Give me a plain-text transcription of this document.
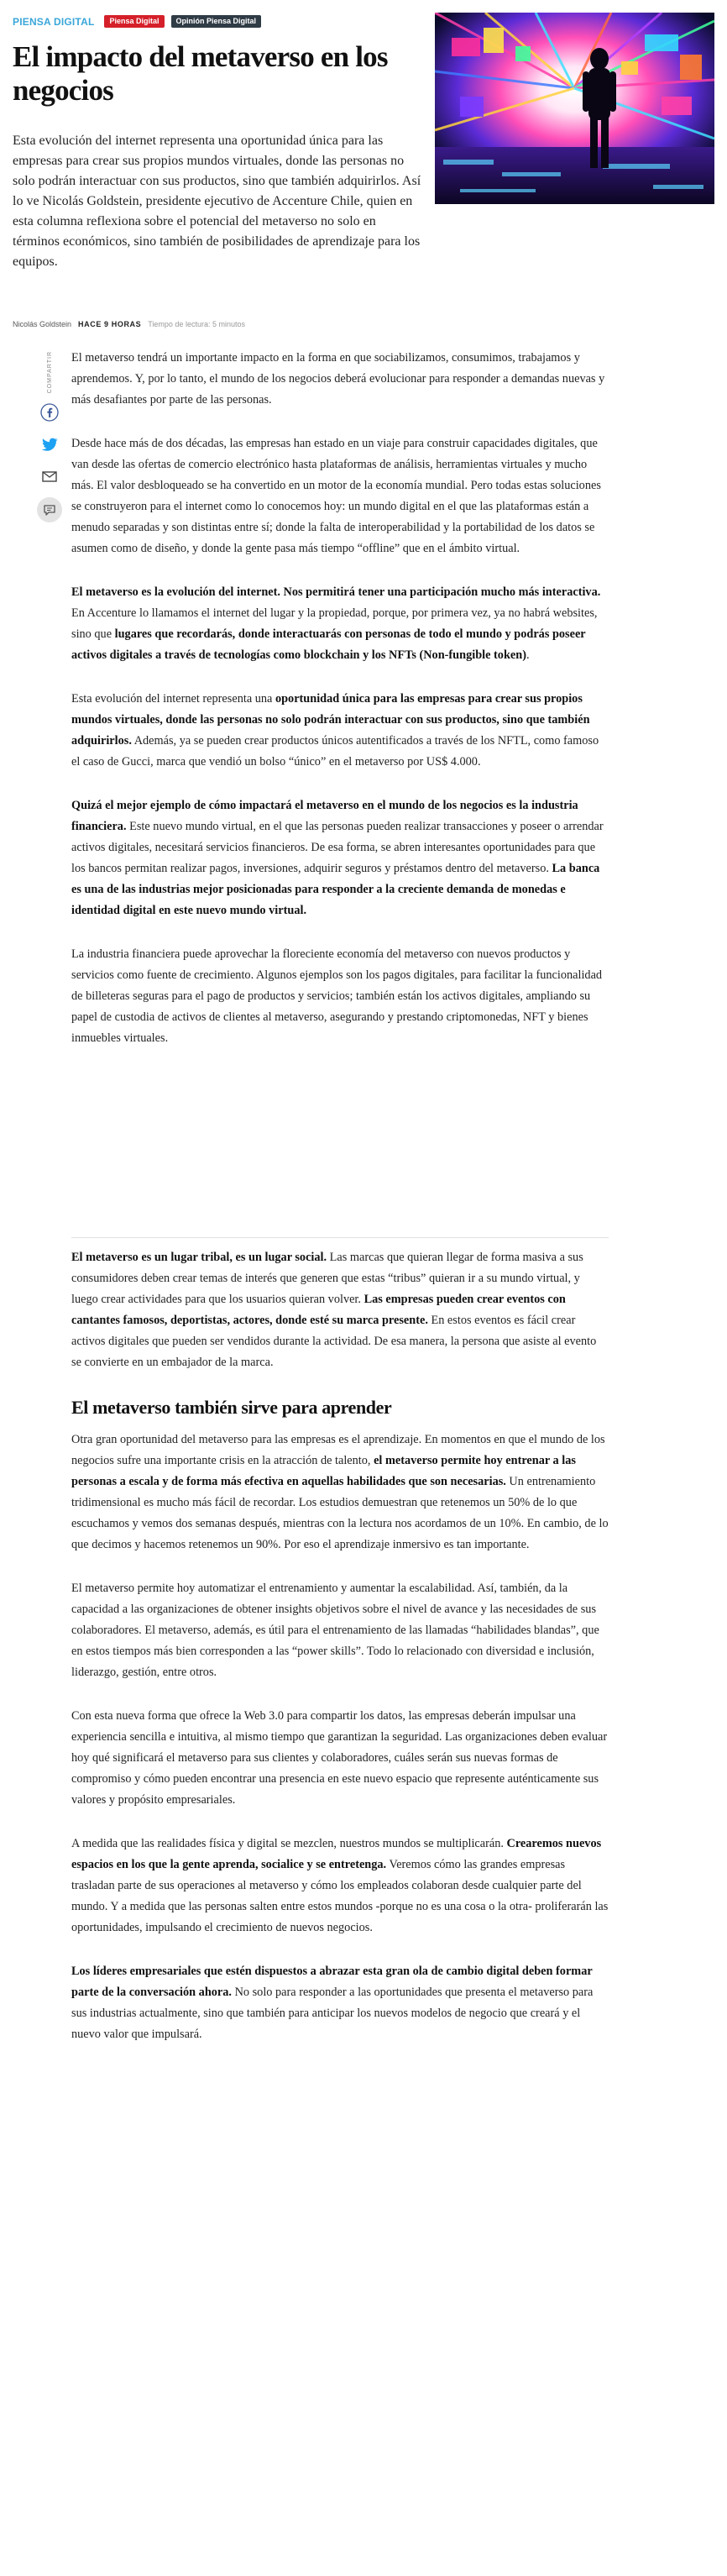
PIENSA DIGITAL	Piensa Digital	Opinión Piensa Digital
El impacto del metaverso en los negocios

Esta evolución del internet representa una oportunidad única para las empresas para crear sus propios mundos virtuales, donde las personas no solo podrán interactuar con sus productos, sino que también adquirirlos. Así lo ve Nicolás Goldstein, presidente ejecutivo de Accenture Chile, quien en esta columna reflexiona sobre el potencial del metaverso no solo en términos económicos, sino también de posibilidades de aprendizaje para los equipos.

Nicolás Goldstein HACE 9 HORAS Tiempo de lectura: 5 minutos
COMPARTIR El metaverso tendrá un importante impacto en la forma en que sociabilizamos, consumimos, trabajamos y aprendemos. Y, por lo tanto, el mundo de los negocios deberá evolucionar para responder a demandas nuevas y más desafiantes por parte de las personas.

Desde hace más de dos décadas, las empresas han estado en un viaje para construir capacidades digitales, que van desde las ofertas de comercio electrónico hasta plataformas de análisis, herramientas virtuales y mucho más. El valor desbloqueado se ha convertido en un motor de la economía mundial. Pero todas estas soluciones se construyeron para el internet como lo conocemos hoy: un mundo digital en el que las plataformas están a menudo separadas y son distintas entre sí; donde la falta de interoperabilidad y la portabilidad de los datos se asumen como de diseño, y donde la gente pasa más tiempo “offline” que en el ámbito virtual.

El metaverso es la evolución del internet. Nos permitirá tener una participación mucho más interactiva. En Accenture lo llamamos el internet del lugar y la propiedad, porque, por primera vez, ya no habrá websites, sino que lugares que recordarás, donde interactuarás con personas de todo el mundo y podrás poseer activos digitales a través de tecnologías como blockchain y los NFTs (Non-fungible token).

Esta evolución del internet representa una oportunidad única para las empresas para crear sus propios mundos virtuales, donde las personas no solo podrán interactuar con sus productos, sino que también adquirirlos. Además, ya se pueden crear productos únicos autentificados a través de los NFTL, como famoso el caso de Gucci, marca que vendió un bolso “único” en el metaverso por US$ 4.000.

Quizá el mejor ejemplo de cómo impactará el metaverso en el mundo de los negocios es la industria financiera. Este nuevo mundo virtual, en el que las personas pueden realizar transacciones y poseer o arrendar activos digitales, necesitará servicios financieros. De esa forma, se abren interesantes oportunidades para que los bancos permitan realizar pagos, inversiones, adquirir seguros y préstamos dentro del metaverso. La banca es una de las industrias mejor posicionadas para responder a la creciente demanda de monedas e identidad digital en este nuevo mundo virtual.

La industria financiera puede aprovechar la floreciente economía del metaverso con nuevos productos y servicios como fuente de crecimiento. Algunos ejemplos son los pagos digitales, para facilitar la funcionalidad de billeteras seguras para el pago de productos y servicios; también están los activos digitales, ampliando su papel de custodia de activos de clientes al metaverso, asegurando y prestando criptomonedas, NFT y bienes inmuebles virtuales.

El metaverso es un lugar tribal, es un lugar social. Las marcas que quieran llegar de forma masiva a sus consumidores deben crear temas de interés que generen que estas “tribus” quieran ir a su mundo virtual, y luego crear actividades para que los usuarios quieran volver. Las empresas pueden crear eventos con cantantes famosos, deportistas, actores, donde esté su marca presente. En estos eventos es fácil crear activos digitales que pueden ser vendidos durante la actividad. De esa manera, la persona que asiste al evento se convierte en un embajador de la marca.

El metaverso también sirve para aprender

Otra gran oportunidad del metaverso para las empresas es el aprendizaje. En momentos en que el mundo de los negocios sufre una importante crisis en la atracción de talento, el metaverso permite hoy entrenar a las personas a escala y de forma más efectiva en aquellas habilidades que son necesarias. Un entrenamiento tridimensional es mucho más fácil de recordar. Los estudios demuestran que retenemos un 50% de lo que escuchamos y vemos dos semanas después, mientras con la lectura nos acordamos de un 10%. En cambio, de lo que decimos y hacemos retenemos un 90%. Por eso el aprendizaje inmersivo es tan importante.

El metaverso permite hoy automatizar el entrenamiento y aumentar la escalabilidad. Así, también, da la capacidad a las organizaciones de obtener insights objetivos sobre el nivel de avance y las necesidades de sus colaboradores. El metaverso, además, es útil para el entrenamiento de las llamadas “habilidades blandas”, que en estos tiempos más bien corresponden a las “power skills”. Todo lo relacionado con diversidad e inclusión, liderazgo, gestión, entre otros.

Con esta nueva forma que ofrece la Web 3.0 para compartir los datos, las empresas deberán impulsar una experiencia sencilla e intuitiva, al mismo tiempo que garantizan la seguridad. Las organizaciones deben evaluar hoy qué significará el metaverso para sus clientes y colaboradores, cuáles serán sus nuevas formas de compromiso y cómo pueden encontrar una presencia en este nuevo espacio que represente auténticamente sus valores y propósito empresariales.

A medida que las realidades física y digital se mezclen, nuestros mundos se multiplicarán. Crearemos nuevos espacios en los que la gente aprenda, socialice y se entretenga. Veremos cómo las grandes empresas trasladan parte de sus operaciones al metaverso y cómo los empleados colaboran desde cualquier parte del mundo. Y a medida que las personas salten entre estos mundos -porque no es una cosa o la otra- proliferarán las oportunidades, impulsando el crecimiento de nuevos negocios.

Los líderes empresariales que estén dispuestos a abrazar esta gran ola de cambio digital deben formar parte de la conversación ahora. No solo para responder a las oportunidades que presenta el metaverso para sus industrias actualmente, sino que también para anticipar los nuevos modelos de negocio que creará y el nuevo valor que impulsará.
